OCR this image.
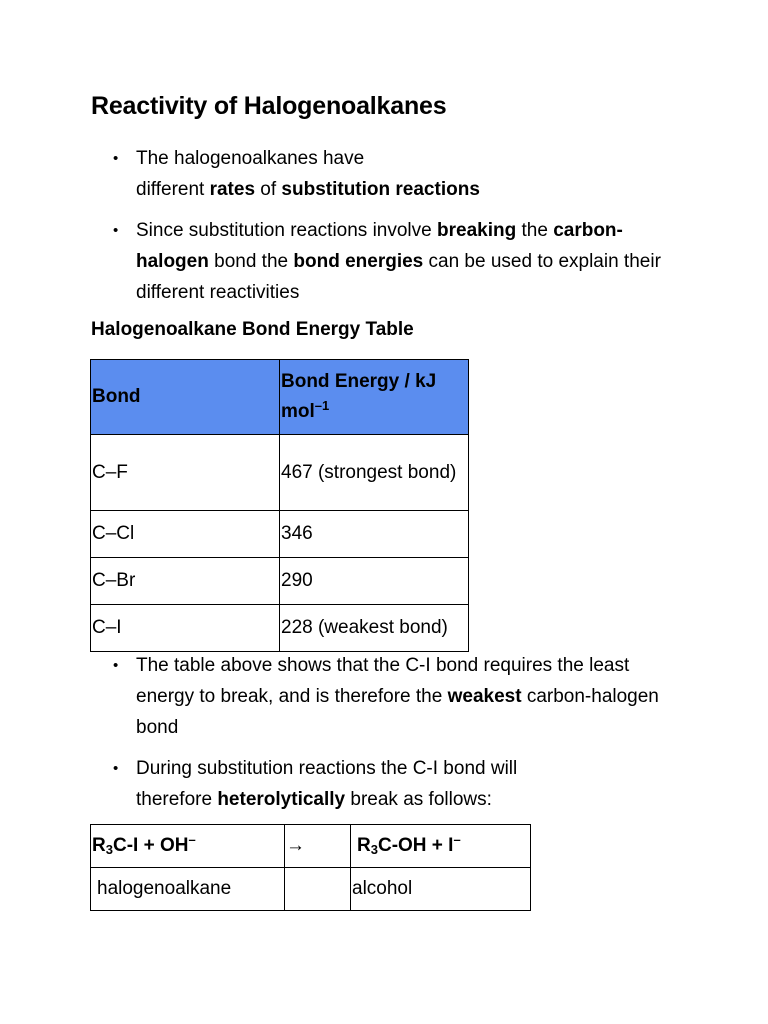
Reactivity of Halogenoalkanes
• The halogenoalkanes have
different rates of substitution reactions
• Since substitution reactions involve breaking the carbon-halogen bond the bond energies can be used to explain their different reactivities
Halogenoalkane Bond Energy Table
Bond	Bond Energy / kJ mol$^{-1}$
C–F	467 (strongest bond)
C–Cl	346
C–Br	290
C–I	228 (weakest bond)
• The table above shows that the C-I bond requires the least energy to break, and is therefore the weakest carbon-halogen bond
• During substitution reactions the C-I bond will
therefore heterolytically break as follows:
$R_3C-I + OH^-$	→	$R_3C-OH + I^-$
halogenoalkane		alcohol
